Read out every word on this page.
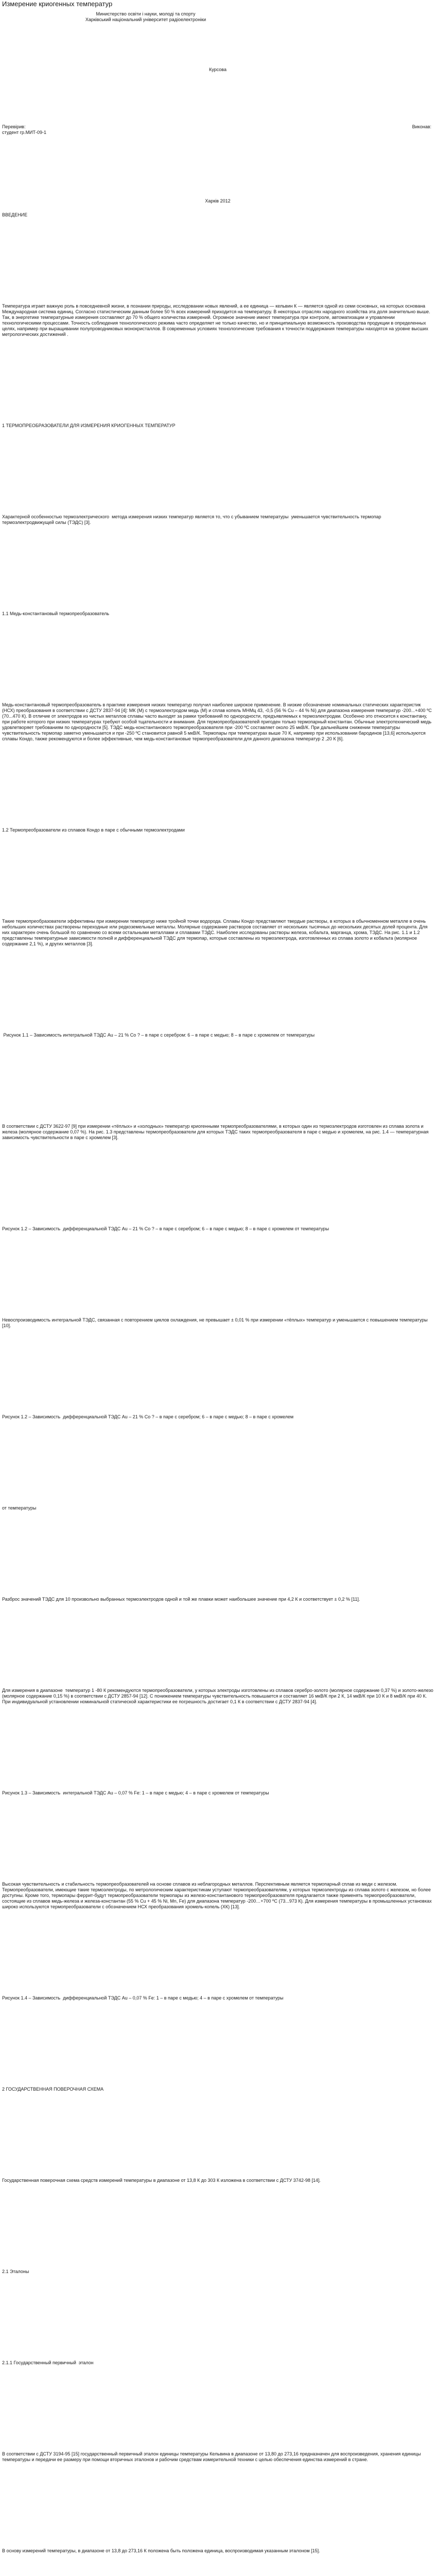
Измерение криогенных температур
Министерство освіти і науки, молоді та спорту
Харківський національний університет радіоелектроніки
Курсова
Перевірив:	Виконав:
студент гр.МИТ-09-1
Харків 2012
ВВЕДЕНИЕ
Температура играет важную роль в повседневной жизни, в познании природы, исследовании новых явлений, а ее единица — кельвин К — является одной из семи основных, на которых основана Международная система единиц. Согласно статистическим данным более 50 % всех измерений приходится на температуру. В некоторых отраслях народного хозяйства эта доля значительно выше. Так, в энергетике температурные измерения составляют до 70 % общего количества измерений. Огромное значение имеют температура при контроле, автоматизации и управлении технологическими процессами. Точность соблюдения технологического режима часто определяет не только качество, но и принципиальную возможность производства продукции в определенных целях, например при выращивании полупроводниковых монокристаллов. В современных условиях технологические требования к точности поддержания температуры находятся на уровне высших метрологических достижений .
1 ТЕРМОПРЕОБРАЗОВАТЕЛИ ДЛЯ ИЗМЕРЕНИЯ КРИОГЕННЫХ ТЕМПЕРАТУР
Характерной особенностью термоэлектрического  метода измерения низких температур является то, что с убыванием температуры  уменьшается чувствительность термопар  термоэлектродвижущей силы (ТЭДС) [3].
1.1 Медь-константановый термопреобразователь
Медь-константановый термопреобразователь в практике измерения низких температур получил наиболее широкое применение. В низкие обозначение номинальных статических характеристик (НСХ) преобразования в соответствии с ДСТУ 2837-94 [4]: МК (М) с термоэлектродом медь (М) и сплав копель МНМц 43, -0,5 (56 % Cu – 44 % Ni) для диапазона измерения температур -200...+400 ºС (70...470 К). В отличие от электродов из чистых металлов сплавы часто выходят за рамки требований по однородности, предъявляемых к термоэлектродам. Особенно это относится к константану, при работе которого при низких температурах требуют особой тщательности и внимания. Для термопреобразователей пригоден только термопарный константан. Обычные электротехнический медь удовлетворяет требованиям по однородности [5]. ТЭДС медь-константанового термопреобразователя при -200 ºС составляет около 25 мкВ/К. При дальнейшем снижении температуры чувствительность термопар заметно уменьшается и при -250 ºС становится равной 5 мкВ/К. Термопары при температурах выше 70 К, например при использовании бародинов [13,6] используются сплавы Кондо, также рекомендуются и более эффективные, чем медь-константановые термопреобразователи для данного диапазона температур 2 ,20 К [6].
1.2 Термопреобразователи из сплавов Кондо в паре с обычными термоэлектродами
Такие термопреобразователи эффективны при измерении температур ниже тройной точки водорода. Сплавы Кондо представляют твердые растворы, в которых в обычноменном металле в очень небольших количествах растворены переходные или редкоземельные металлы. Молярные содержание растворов составляет от нескольких тысячных до нескольких десятых долей процента. Для них характерен очень большой по сравнению со всеми остальными металлами и сплавами ТЭДС. Наиболее исследованы растворы железа, кобальта, марганца, хрома, ТЭДС. На рис. 1.1 и 1.2 представлены температурные зависимости полной и дифференциальной ТЭДС для термопар, которые составлены из термоэлектрода, изготовленных из сплава золото и кобальта (молярное содержание 2,1 %), и других металлов [3].
Рисунок 1.1 – Зависимость интегральной ТЭДС Au – 21 % Co ? – в паре с серебром: 6 – в паре с медью; 8 – в паре с хромелем от температуры
В соответствии с ДСТУ 3622-97 [9] при измерении «тёплых» и «холодных» температур криогенными термопреобразователями, в которых один из термоэлектродов изготовлен из сплава золота и железа (молярное содержание 0,07 %). На рис. 1.3 представлены термопреобразователи для которых ТЭДС таких термопреобразователя в паре с медью и хромелем, на рис. 1.4 — температурная зависимость чувствительности в паре с хромелем [3].
Рисунок 1.2 – Зависимость  дифференциальной ТЭДС Au – 21 % Co ? – в паре с серебром; 6 – в паре с медью; 8 – в паре с хромелем от температуры
Невоспроизводимость интегральной ТЭДС, связанная с повторением циклов охлаждения, не превышает ± 0,01 % при измерении «тёплых» температур и уменьшается с повышением температуры [10].
Рисунок 1.2 – Зависимость  дифференциальной ТЭДС Au – 21 % Co ? – в паре с серебром; 6 – в паре с медью; 8 – в паре с хромелем
от температуры
Разброс значений ТЭДС для 10 произвольно выбранных термоэлектродов одной и той же плавки может наибольшее значение при 4,2 К и соответствует ± 0,2 % [11].
Для измерения в диапазоне  температур 1 -80 К рекомендуются термопреобразователи, у которых электроды изготовлены из сплавов серебро-золото (молярное содержание 0,37 %) и золото-железо (молярное содержание 0,15 %) в соответствии с ДСТУ 2857-94 [12]. С понижением температуры чувствительность повышается и составляет 16 мкВ/К при 2 К, 14 мкВ/К при 10 К и 8 мкВ/К при 40 К. При индивидуальной установлении номинальной статической характеристики ее погрешность достигает 0,1 К в соответствии с ДСТУ 2837-94 [4].
Рисунок 1.3 – Зависимость  интегральной ТЭДС Au – 0,07 % Fe: 1 – в паре с медью; 4 – в паре с хромелем от температуры
Высокая чувствительность и стабильность термопреобразователей на основе сплавов из неблагородных металлов. Перспективным является термопарный сплав из меди с железом. Термопреобразователи, имеющие такие термоэлектроды, по метрологическим характеристикам уступают термопреобразователям, у которых термоэлектроды из сплава золото с железом, но более доступны. Кроме того, термопары феррит-будут термопреобразователи термопары из железо-константанового термопреобразователя предлагается также применять термопреобразователи, состоящие из сплавов медь-железа и железа-константан (55 % Cu + 45 % Ni, Mn, Fe) для диапазона температур -200…+700 ºС (73...973 К). Для измерения температуры в промышленных установках широко используются термопреобразователи с обозначением НСХ преобразования хромель-копель (ХК) [13].
Рисунок 1.4 – Зависимость  дифференциальной ТЭДС Au – 0,07 % Fe: 1 – в паре с медью; 4 – в паре с хромелем от температуры
2 ГОСУДАРСТВЕННАЯ ПОВЕРОЧНАЯ СХЕМА
Государственная поверочная схема средств измерений температуры в диапазоне от 13,8 К до 303 К изложена в соответствии с ДСТУ 3742-98 [14].
2.1 Эталоны
2.1.1 Государственный первичный  эталон
В соответствии с ДСТУ 3194-95 [15] государственный первичный эталон единицы температуры Кельвина в диапазоне от 13,80 до 273,16 предназначен для воспроизведения, хранения единицы температуры и передачи ее размеру при помощи вторичных эталонов и рабочим средствам измерительной техники с целью обеспечения единства измерений в стране.
В основу измерений температуры, в диапазоне от 13,8 до 273,16 К положена быть положена единица, воспроизводимая указанным эталоном [15].
